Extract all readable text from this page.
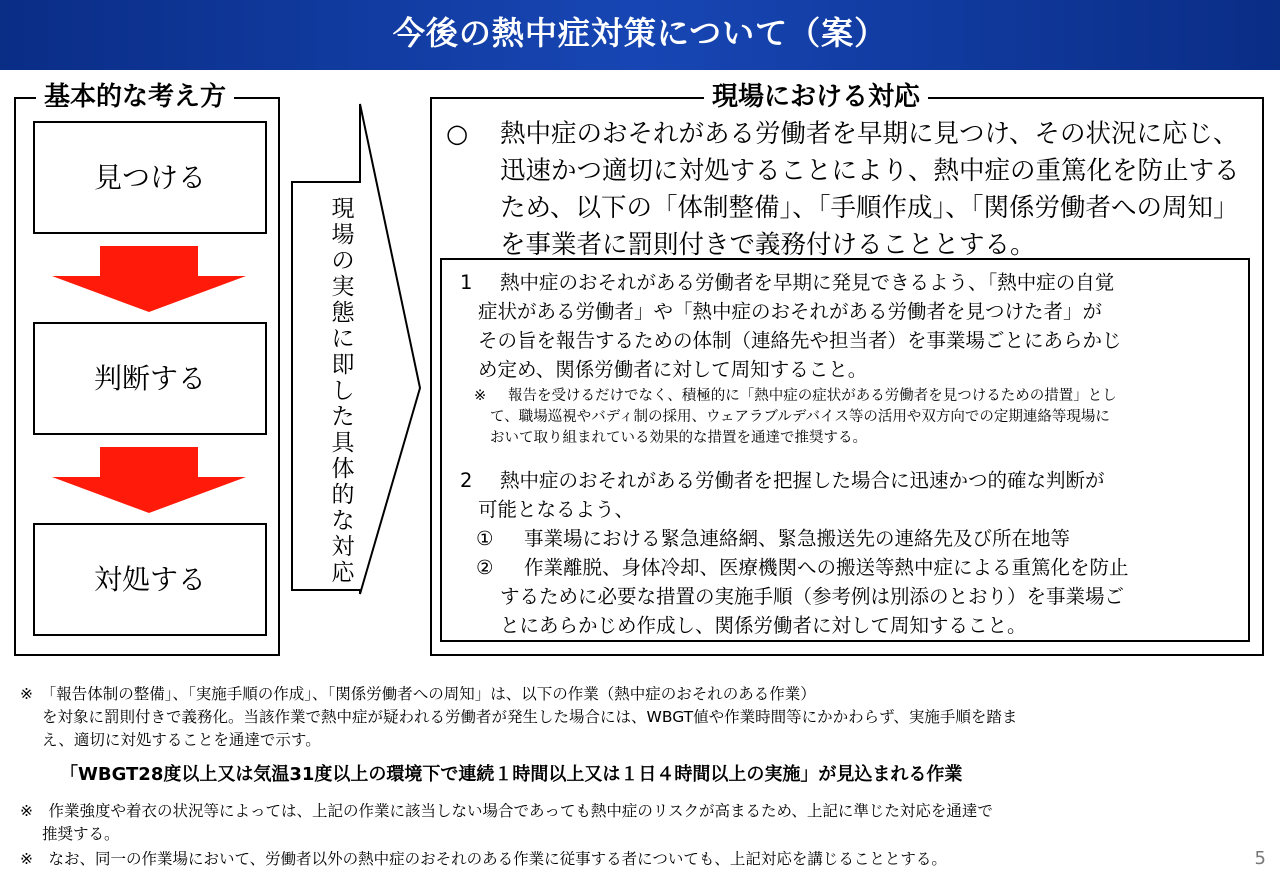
今後の熱中症対策について（案）
基本的な考え方
見つける
判断する
対処する
現場の実態に即した具体的な対応
現場における対応
○	熱中症のおそれがある労働者を早期に見つけ、その状況に応じ、迅速かつ適切に対処することにより、熱中症の重篤化を防止するため、以下の「体制整備」、「手順作成」、「関係労働者への周知」を事業者に罰則付きで義務付けることとする。
1 熱中症のおそれがある労働者を早期に発見できるよう、「熱中症の自覚
症状がある労働者」や「熱中症のおそれがある労働者を見つけた者」が
その旨を報告するための体制（連絡先や担当者）を事業場ごとにあらかじ
め定め、関係労働者に対して周知すること。
※ 報告を受けるだけでなく、積極的に「熱中症の症状がある労働者を見つけるための措置」とし
て、職場巡視やバディ制の採用、ウェアラブルデバイス等の活用や双方向での定期連絡等現場に
おいて取り組まれている効果的な措置を通達で推奨する。
2 熱中症のおそれがある労働者を把握した場合に迅速かつ的確な判断が
可能となるよう、
① 事業場における緊急連絡網、緊急搬送先の連絡先及び所在地等
② 作業離脱、身体冷却、医療機関への搬送等熱中症による重篤化を防止
するために必要な措置の実施手順（参考例は別添のとおり）を事業場ご
とにあらかじめ作成し、関係労働者に対して周知すること。
※　「報告体制の整備」、「実施手順の作成」、「関係労働者への周知」は、以下の作業（熱中症のおそれのある作業）
を対象に罰則付きで義務化。当該作業で熱中症が疑われる労働者が発生した場合には、WBGT値や作業時間等にかかわらず、実施手順を踏ま
え、適切に対処することを通達で示す。
「WBGT28度以上又は気温31度以上の環境下で連続１時間以上又は１日４時間以上の実施」が見込まれる作業
※　作業強度や着衣の状況等によっては、上記の作業に該当しない場合であっても熱中症のリスクが高まるため、上記に準じた対応を通達で
推奨する。
※　なお、同一の作業場において、労働者以外の熱中症のおそれのある作業に従事する者についても、上記対応を講じることとする。	5
